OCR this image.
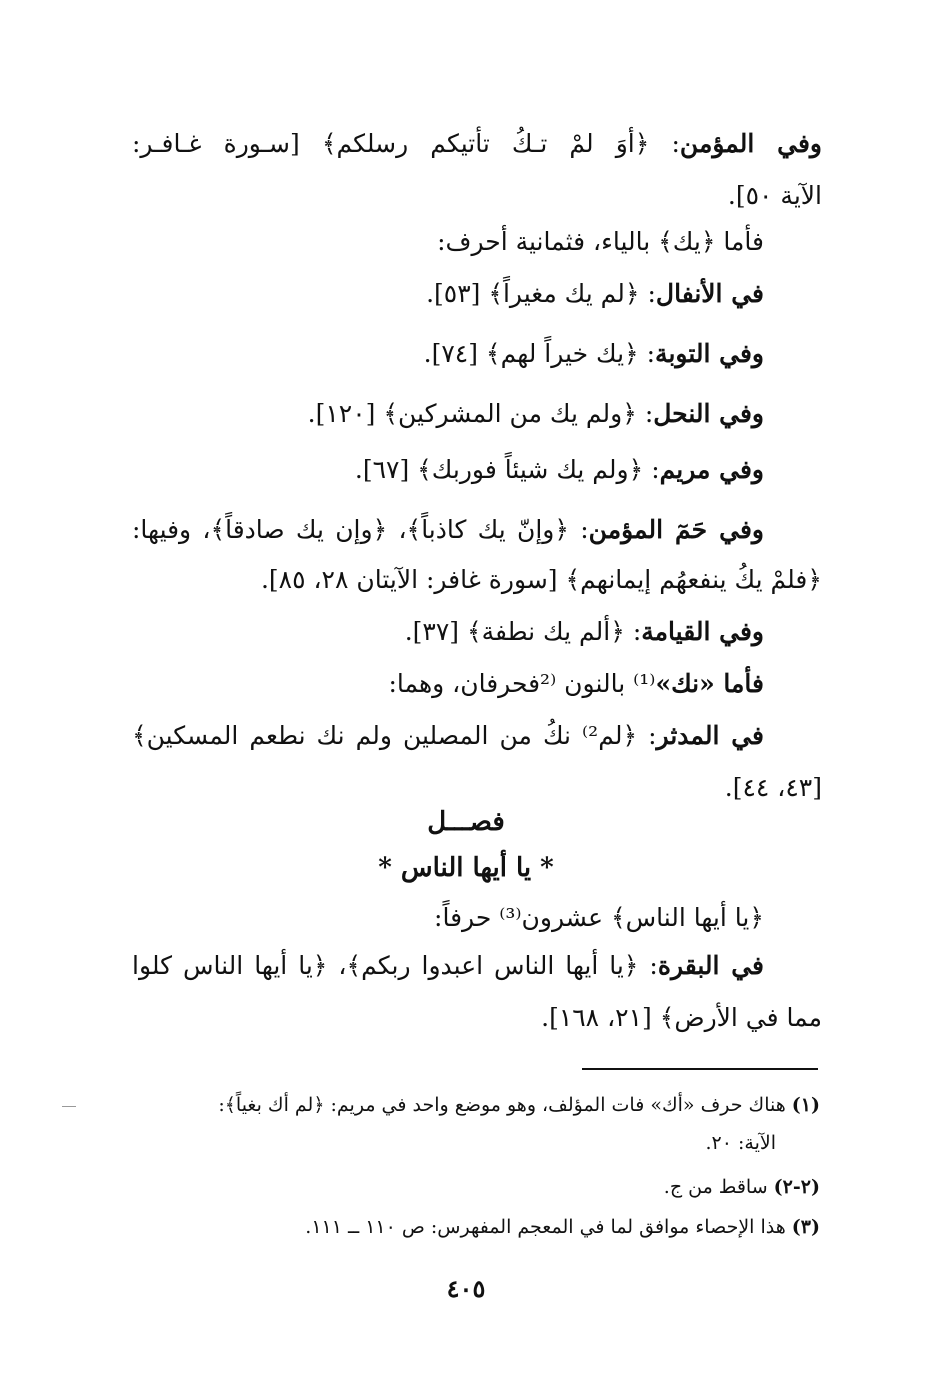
وفي المؤمن: ﴿أوَ لمْ تـكُ تأتيكم رسلكم﴾ [سـورة غـافـر:
الآية ٥٠].
فأما ﴿يك﴾ بالياء، فثمانية أحرف:
في الأنفال: ﴿لم يك مغيراً﴾ [٥٣].
وفي التوبة: ﴿يك خيراً لهم﴾ [٧٤].
وفي النحل: ﴿ولم يك من المشركين﴾ [١٢٠].
وفي مريم: ﴿ولم يك شيئاً فوربك﴾ [٦٧].
وفي حَمٓ المؤمن: ﴿وإنّ يك كاذباً﴾، ﴿وإن يك صادقاً﴾، وفيها:
﴿فلمْ يكُ ينفعهُم إيمانهم﴾ [سورة غافر: الآيتان ٢٨، ٨٥].
وفي القيامة: ﴿ألم يك نطفة﴾ [٣٧].
فأما «نك»⁽¹⁾ بالنون ⁽²فحرفان، وهما:
في المدثر: ﴿لم²⁾ نكُ من المصلين ولم نك نطعم المسكين﴾
[٤٣، ٤٤].
فصـــل
* يا أيها الناس *
﴿يا أيها الناس﴾ عشرون⁽³⁾ حرفاً:
في البقرة: ﴿يا أيها الناس اعبدوا ربكم﴾، ﴿يا أيها الناس كلوا
مما في الأرض﴾ [٢١، ١٦٨].
(١) هناك حرف «أك» فات المؤلف، وهو موضع واحد في مريم: ﴿لم أك بغياً﴾:
الآية: ٢٠.
(٢-٢) ساقط من ج.
(٣) هذا الإحصاء موافق لما في المعجم المفهرس: ص ١١٠ ــ ١١١.
٤٠٥
